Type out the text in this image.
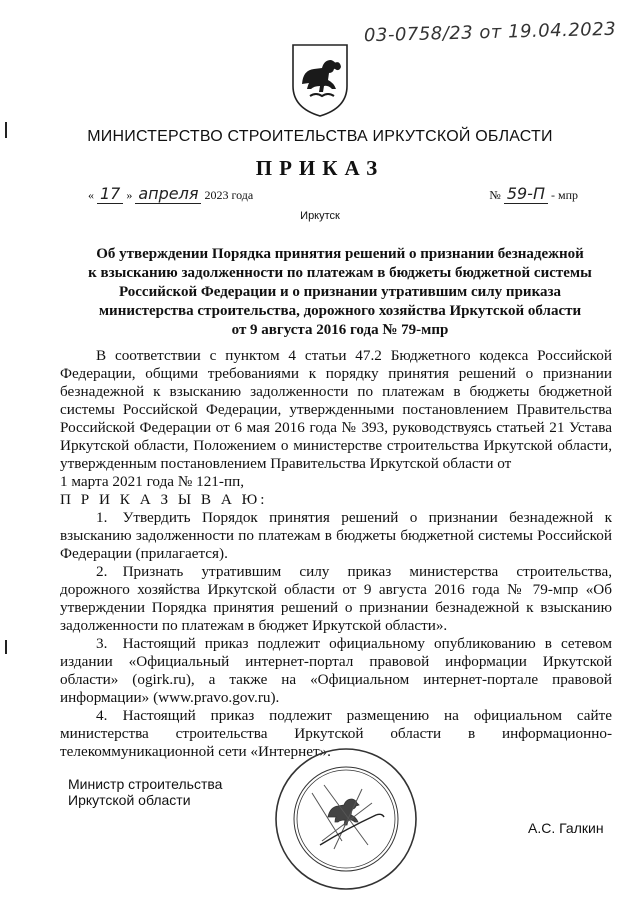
03-0758/23 от 19.04.2023
МИНИСТЕРСТВО СТРОИТЕЛЬСТВА ИРКУТСКОЙ ОБЛАСТИ
ПРИКАЗ
« 17 » апреля 2023 года	№ 59-П - мпр
Иркутск
Об утверждении Порядка принятия решений о признании безнадежной
к взысканию задолженности по платежам в бюджеты бюджетной системы
Российской Федерации и о признании утратившим силу приказа
министерства строительства, дорожного хозяйства Иркутской области
от 9 августа 2016 года № 79-мпр

В соответствии с пунктом 4 статьи 47.2 Бюджетного кодекса Российской Федерации, общими требованиями к порядку принятия решений о признании безнадежной к взысканию задолженности по платежам в бюджеты бюджетной системы Российской Федерации, утвержденными постановлением Правительства Российской Федерации от 6 мая 2016 года № 393, руководствуясь статьей 21 Устава Иркутской области, Положением о министерстве строительства Иркутской области, утвержденным постановлением Правительства Иркутской области от

1 марта 2021 года № 121-пп,

П Р И К А З Ы В А Ю:

1. Утвердить Порядок принятия решений о признании безнадежной к взысканию задолженности по платежам в бюджеты бюджетной системы Российской Федерации (прилагается).

2. Признать утратившим силу приказ министерства строительства, дорожного хозяйства Иркутской области от 9 августа 2016 года № 79-мпр «Об утверждении Порядка принятия решений о признании безнадежной к взысканию задолженности по платежам в бюджет Иркутской области».

3. Настоящий приказ подлежит официальному опубликованию в сетевом издании «Официальный интернет-портал правовой информации Иркутской области» (ogirk.ru), а также на «Официальном интернет-портале правовой информации» (www.pravo.gov.ru).

4. Настоящий приказ подлежит размещению на официальном сайте министерства строительства Иркутской области в информационно-телекоммуникационной сети «Интернет».

Министр строительства
Иркутской области
А.С. Галкин
